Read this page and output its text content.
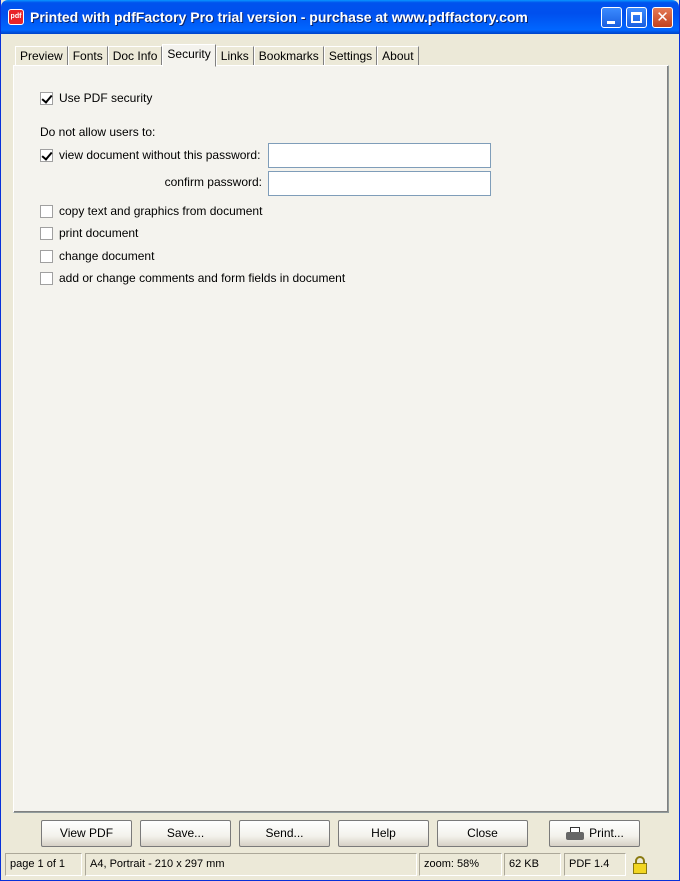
pdf Printed with pdfFactory Pro trial version - purchase at www.pdffactory.com	✕
Preview Fonts Doc Info Security Links Bookmarks Settings About
Use PDF security
Do not allow users to:
view document without this password:
confirm password:
copy text and graphics from document
print document
change document
add or change comments and form fields in document
View PDF	Save...	Send...	Help	Close	Print...
page 1 of 1	A4, Portrait - 210 x 297 mm	zoom: 58%	62 KB	PDF 1.4
